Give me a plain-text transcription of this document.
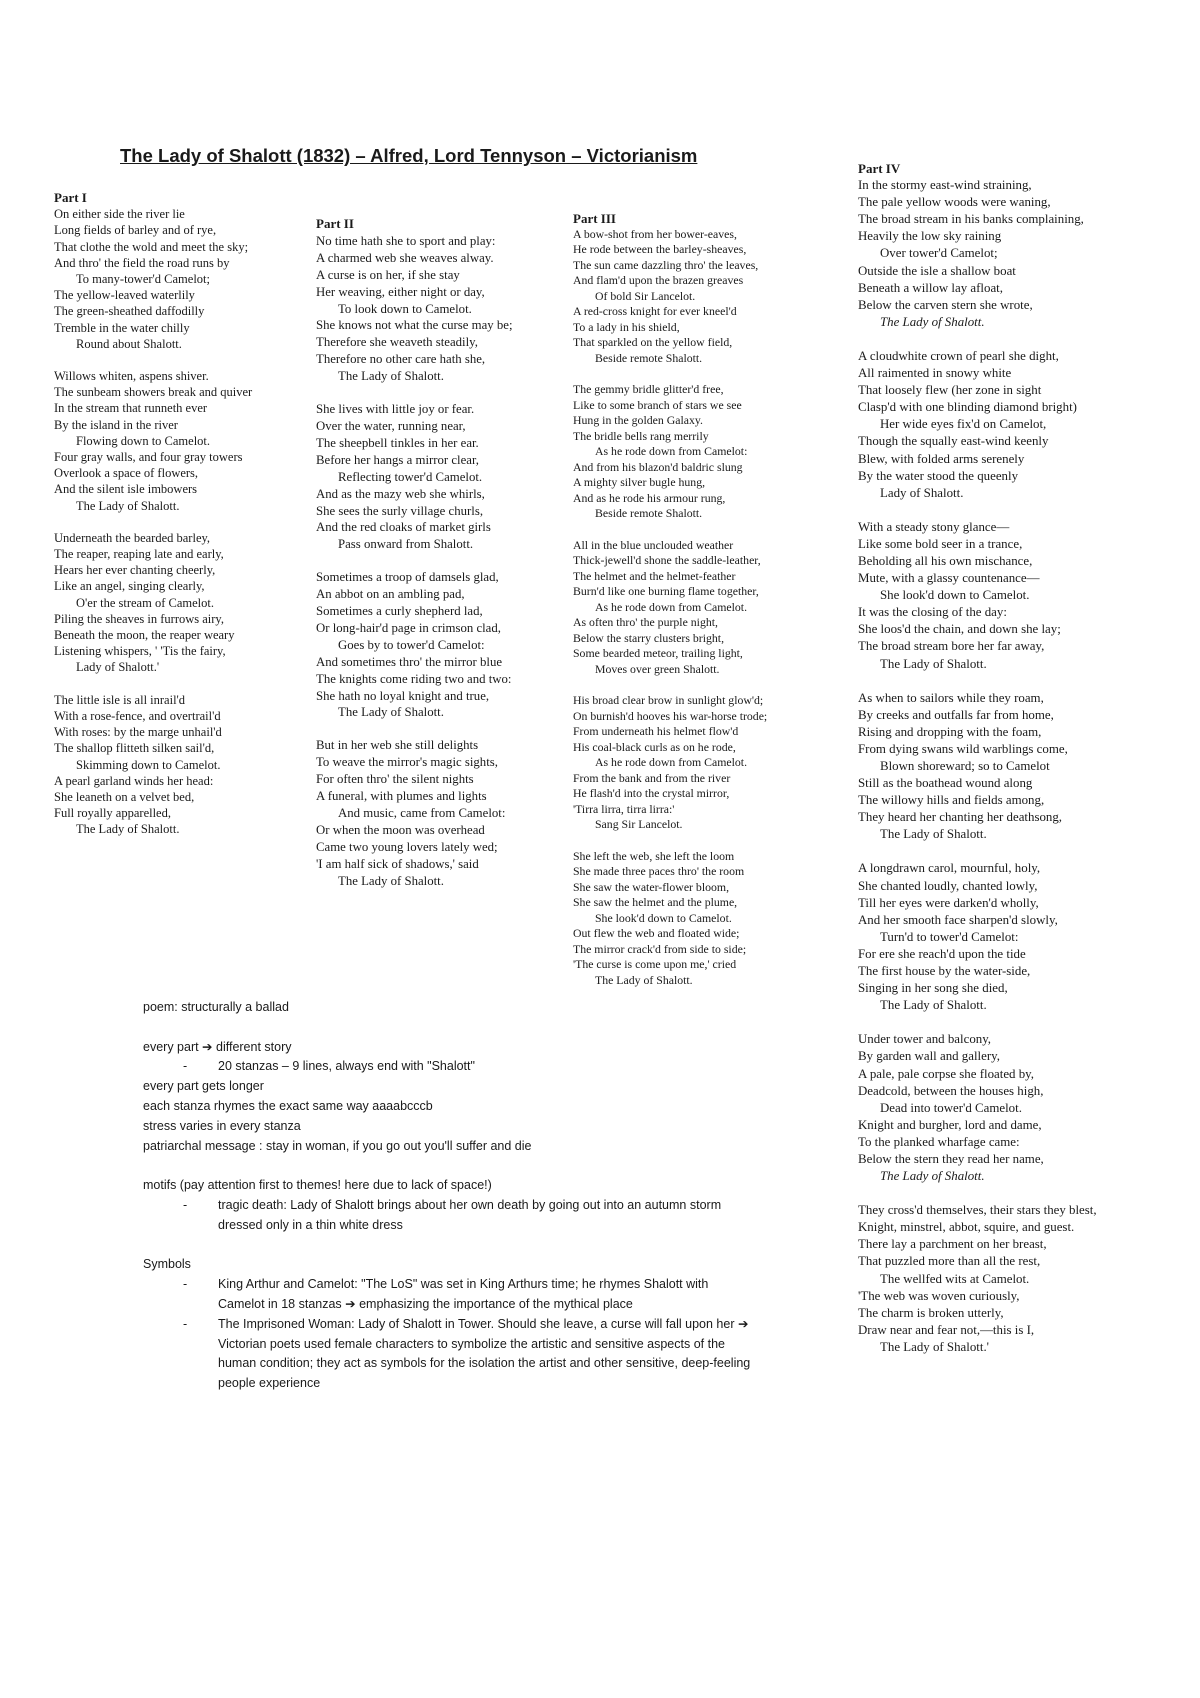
The Lady of Shalott (1832) – Alfred, Lord Tennyson – Victorianism
Part I
On either side the river lie
Long fields of barley and of rye,
That clothe the wold and meet the sky;
And thro' the field the road runs by
To many-tower'd Camelot;
The yellow-leaved waterlily
The green-sheathed daffodilly
Tremble in the water chilly
Round about Shalott.
Willows whiten, aspens shiver.
The sunbeam showers break and quiver
In the stream that runneth ever
By the island in the river
Flowing down to Camelot.
Four gray walls, and four gray towers
Overlook a space of flowers,
And the silent isle imbowers
The Lady of Shalott.
Underneath the bearded barley,
The reaper, reaping late and early,
Hears her ever chanting cheerly,
Like an angel, singing clearly,
O'er the stream of Camelot.
Piling the sheaves in furrows airy,
Beneath the moon, the reaper weary
Listening whispers, ' 'Tis the fairy,
Lady of Shalott.'
The little isle is all inrail'd
With a rose-fence, and overtrail'd
With roses: by the marge unhail'd
The shallop flitteth silken sail'd,
Skimming down to Camelot.
A pearl garland winds her head:
She leaneth on a velvet bed,
Full royally apparelled,
The Lady of Shalott.
Part II
No time hath she to sport and play:
A charmed web she weaves alway.
A curse is on her, if she stay
Her weaving, either night or day,
To look down to Camelot.
She knows not what the curse may be;
Therefore she weaveth steadily,
Therefore no other care hath she,
The Lady of Shalott.
She lives with little joy or fear.
Over the water, running near,
The sheepbell tinkles in her ear.
Before her hangs a mirror clear,
Reflecting tower'd Camelot.
And as the mazy web she whirls,
She sees the surly village churls,
And the red cloaks of market girls
Pass onward from Shalott.
Sometimes a troop of damsels glad,
An abbot on an ambling pad,
Sometimes a curly shepherd lad,
Or long-hair'd page in crimson clad,
Goes by to tower'd Camelot:
And sometimes thro' the mirror blue
The knights come riding two and two:
She hath no loyal knight and true,
The Lady of Shalott.
But in her web she still delights
To weave the mirror's magic sights,
For often thro' the silent nights
A funeral, with plumes and lights
And music, came from Camelot:
Or when the moon was overhead
Came two young lovers lately wed;
'I am half sick of shadows,' said
The Lady of Shalott.
Part III
A bow-shot from her bower-eaves,
He rode between the barley-sheaves,
The sun came dazzling thro' the leaves,
And flam'd upon the brazen greaves
Of bold Sir Lancelot.
A red-cross knight for ever kneel'd
To a lady in his shield,
That sparkled on the yellow field,
Beside remote Shalott.
The gemmy bridle glitter'd free,
Like to some branch of stars we see
Hung in the golden Galaxy.
The bridle bells rang merrily
As he rode down from Camelot:
And from his blazon'd baldric slung
A mighty silver bugle hung,
And as he rode his armour rung,
Beside remote Shalott.
All in the blue unclouded weather
Thick-jewell'd shone the saddle-leather,
The helmet and the helmet-feather
Burn'd like one burning flame together,
As he rode down from Camelot.
As often thro' the purple night,
Below the starry clusters bright,
Some bearded meteor, trailing light,
Moves over green Shalott.
His broad clear brow in sunlight glow'd;
On burnish'd hooves his war-horse trode;
From underneath his helmet flow'd
His coal-black curls as on he rode,
As he rode down from Camelot.
From the bank and from the river
He flash'd into the crystal mirror,
'Tirra lirra, tirra lirra:'
Sang Sir Lancelot.
She left the web, she left the loom
She made three paces thro' the room
She saw the water-flower bloom,
She saw the helmet and the plume,
She look'd down to Camelot.
Out flew the web and floated wide;
The mirror crack'd from side to side;
'The curse is come upon me,' cried
The Lady of Shalott.
Part IV
In the stormy east-wind straining,
The pale yellow woods were waning,
The broad stream in his banks complaining,
Heavily the low sky raining
Over tower'd Camelot;
Outside the isle a shallow boat
Beneath a willow lay afloat,
Below the carven stern she wrote,
The Lady of Shalott.
A cloudwhite crown of pearl she dight,
All raimented in snowy white
That loosely flew (her zone in sight
Clasp'd with one blinding diamond bright)
Her wide eyes fix'd on Camelot,
Though the squally east-wind keenly
Blew, with folded arms serenely
By the water stood the queenly
Lady of Shalott.
With a steady stony glance—
Like some bold seer in a trance,
Beholding all his own mischance,
Mute, with a glassy countenance—
She look'd down to Camelot.
It was the closing of the day:
She loos'd the chain, and down she lay;
The broad stream bore her far away,
The Lady of Shalott.
As when to sailors while they roam,
By creeks and outfalls far from home,
Rising and dropping with the foam,
From dying swans wild warblings come,
Blown shoreward; so to Camelot
Still as the boathead wound along
The willowy hills and fields among,
They heard her chanting her deathsong,
The Lady of Shalott.
A longdrawn carol, mournful, holy,
She chanted loudly, chanted lowly,
Till her eyes were darken'd wholly,
And her smooth face sharpen'd slowly,
Turn'd to tower'd Camelot:
For ere she reach'd upon the tide
The first house by the water-side,
Singing in her song she died,
The Lady of Shalott.
Under tower and balcony,
By garden wall and gallery,
A pale, pale corpse she floated by,
Deadcold, between the houses high,
Dead into tower'd Camelot.
Knight and burgher, lord and dame,
To the planked wharfage came:
Below the stern they read her name,
The Lady of Shalott.
They cross'd themselves, their stars they blest,
Knight, minstrel, abbot, squire, and guest.
There lay a parchment on her breast,
That puzzled more than all the rest,
The wellfed wits at Camelot.
'The web was woven curiously,
The charm is broken utterly,
Draw near and fear not,—this is I,
The Lady of Shalott.'

poem: structurally a ballad

every part ➔ different story

- 20 stanzas – 9 lines, always end with "Shalott"

every part gets longer

each stanza rhymes the exact same way aaaabcccb

stress varies in every stanza

patriarchal message : stay in woman, if you go out you'll suffer and die

motifs (pay attention first to themes! here due to lack of space!)

- tragic death: Lady of Shalott brings about her own death by going out into an autumn storm dressed only in a thin white dress

Symbols

- King Arthur and Camelot: "The LoS" was set in King Arthurs time; he rhymes Shalott with Camelot in 18 stanzas ➔ emphasizing the importance of the mythical place
- The Imprisoned Woman: Lady of Shalott in Tower. Should she leave, a curse will fall upon her ➔ Victorian poets used female characters to symbolize the artistic and sensitive aspects of the human condition; they act as symbols for the isolation the artist and other sensitive, deep-feeling people experience
